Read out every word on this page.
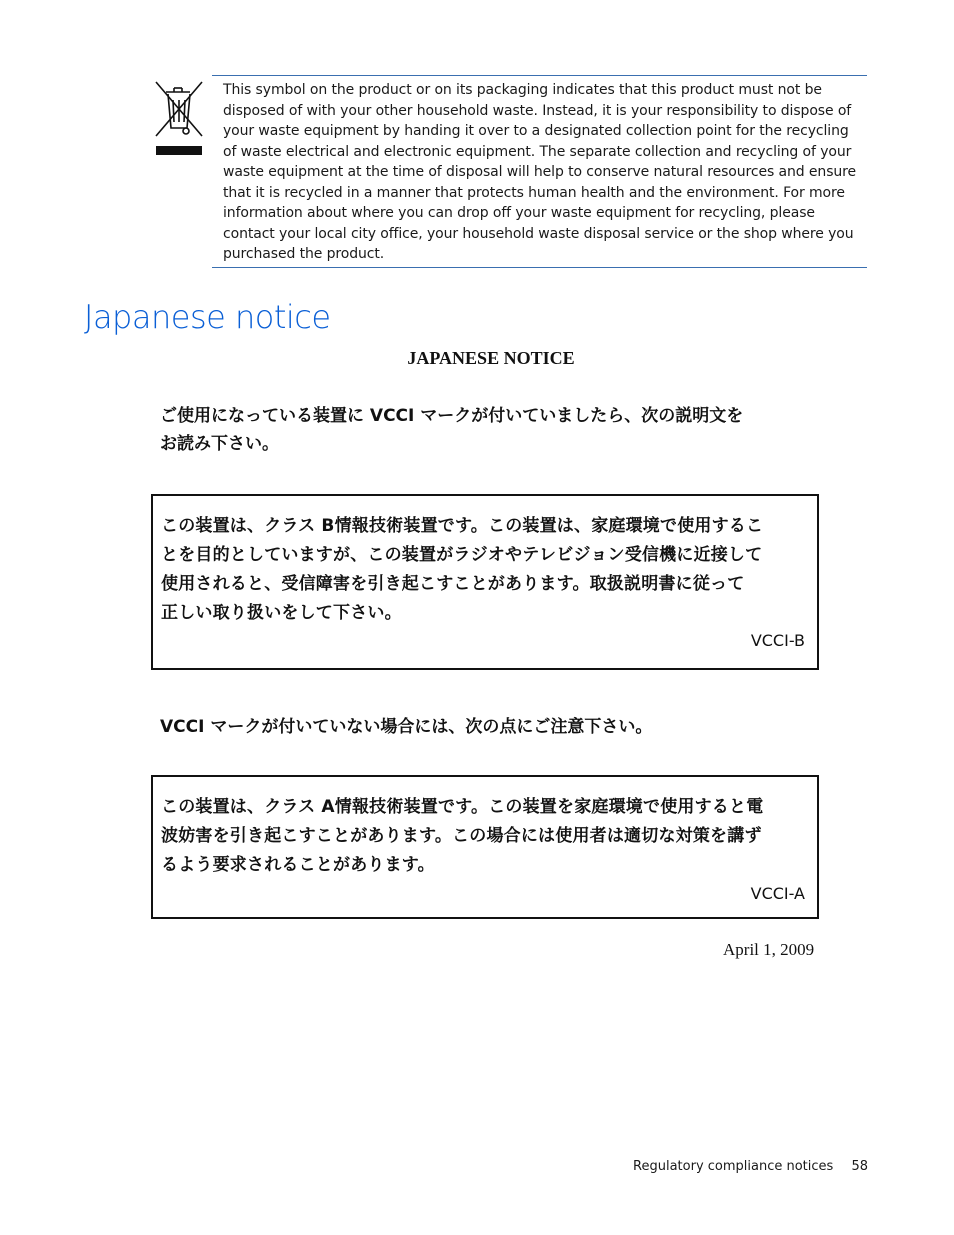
This symbol on the product or on its packaging indicates that this product must not be disposed of with your other household waste. Instead, it is your responsibility to dispose of your waste equipment by handing it over to a designated collection point for the recycling of waste electrical and electronic equipment. The separate collection and recycling of your waste equipment at the time of disposal will help to conserve natural resources and ensure that it is recycled in a manner that protects human health and the environment. For more information about where you can drop off your waste equipment for recycling, please contact your local city office, your household waste disposal service or the shop where you purchased the product.
Japanese notice
JAPANESE NOTICE
ご使用になっている装置に VCCI マークが付いていましたら、次の説明文を
お読み下さい。
この装置は、クラス B情報技術装置です。この装置は、家庭環境で使用するこ
とを目的としていますが、この装置がラジオやテレビジョン受信機に近接して
使用されると、受信障害を引き起こすことがあります。取扱説明書に従って
正しい取り扱いをして下さい。
VCCI-B
VCCI マークが付いていない場合には、次の点にご注意下さい。
この装置は、クラス A情報技術装置です。この装置を家庭環境で使用すると電
波妨害を引き起こすことがあります。この場合には使用者は適切な対策を講ず
るよう要求されることがあります。
VCCI-A
April 1, 2009
Regulatory compliance notices 58
